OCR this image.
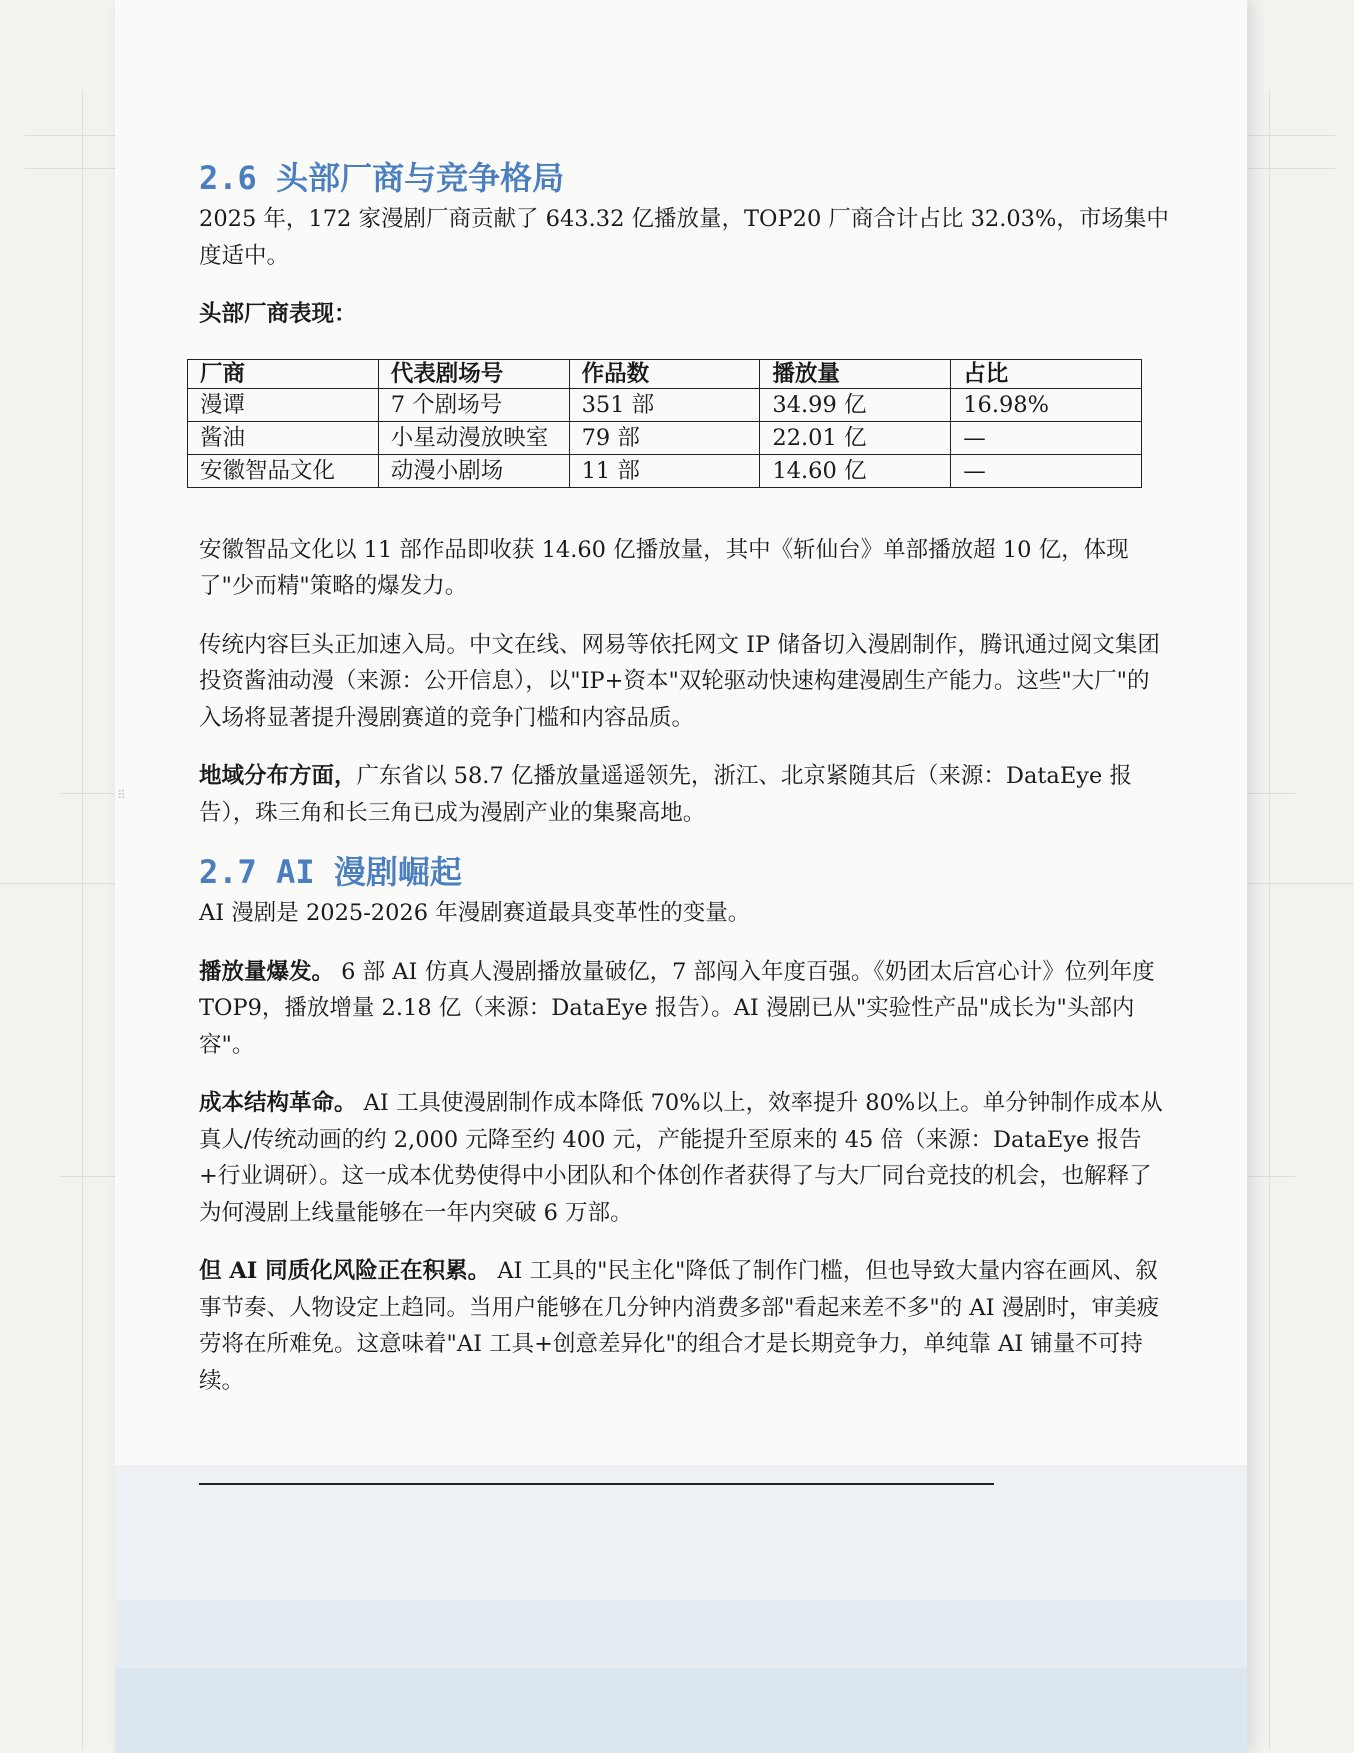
2.6 头部厂商与竞争格局

2025 年，172 家漫剧厂商贡献了 643.32 亿播放量，TOP20 厂商合计占比 32.03%，市场集中度适中。

头部厂商表现：

厂商	代表剧场号	作品数	播放量	占比
漫谭	7 个剧场号	351 部	34.99 亿	16.98%
酱油	小星动漫放映室	79 部	22.01 亿	—
安徽智品文化	动漫小剧场	11 部	14.60 亿	—

安徽智品文化以 11 部作品即收获 14.60 亿播放量，其中《斩仙台》单部播放超 10 亿，体现了"少而精"策略的爆发力。

传统内容巨头正加速入局。中文在线、网易等依托网文 IP 储备切入漫剧制作，腾讯通过阅文集团投资酱油动漫（来源：公开信息），以"IP+资本"双轮驱动快速构建漫剧生产能力。这些"大厂"的入场将显著提升漫剧赛道的竞争门槛和内容品质。

地域分布方面，广东省以 58.7 亿播放量遥遥领先，浙江、北京紧随其后（来源：DataEye 报告），珠三角和长三角已成为漫剧产业的集聚高地。

2.7 AI 漫剧崛起

AI 漫剧是 2025-2026 年漫剧赛道最具变革性的变量。

播放量爆发。 6 部 AI 仿真人漫剧播放量破亿，7 部闯入年度百强。《奶团太后宫心计》位列年度 TOP9，播放增量 2.18 亿（来源：DataEye 报告）。AI 漫剧已从"实验性产品"成长为"头部内容"。

成本结构革命。 AI 工具使漫剧制作成本降低 70%以上，效率提升 80%以上。单分钟制作成本从真人/传统动画的约 2,000 元降至约 400 元，产能提升至原来的 45 倍（来源：DataEye 报告+行业调研）。这一成本优势使得中小团队和个体创作者获得了与大厂同台竞技的机会，也解释了为何漫剧上线量能够在一年内突破 6 万部。

但 AI 同质化风险正在积累。 AI 工具的"民主化"降低了制作门槛，但也导致大量内容在画风、叙事节奏、人物设定上趋同。当用户能够在几分钟内消费多部"看起来差不多"的 AI 漫剧时，审美疲劳将在所难免。这意味着"AI 工具+创意差异化"的组合才是长期竞争力，单纯靠 AI 铺量不可持续。

⠿
